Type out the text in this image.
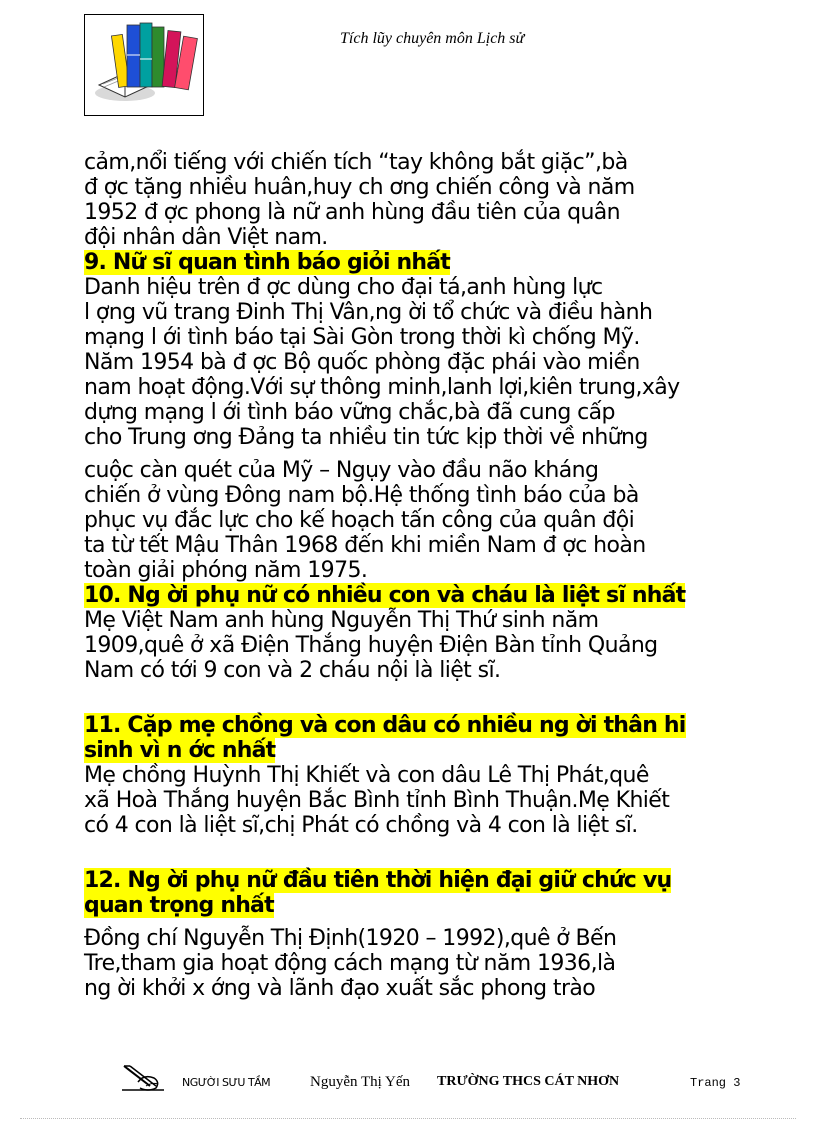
Tích lũy chuyên môn Lịch sử
cảm,nổi tiếng với chiến tích “tay không bắt giặc”,bà
đ ợc tặng nhiều huân,huy ch ơng chiến công và năm
1952 đ ợc phong là nữ anh hùng đầu tiên của quân
đội nhân dân Việt nam.
9. Nữ sĩ quan tình báo giỏi nhất
Danh hiệu trên đ ợc dùng cho đại tá,anh hùng lực
l ợng vũ trang Đinh Thị Vân,ng ời tổ chức và điều hành
mạng l ới tình báo tại Sài Gòn trong thời kì chống Mỹ.
Năm 1954 bà đ ợc Bộ quốc phòng đặc phái vào miền
nam hoạt động.Với sự thông minh,lanh lợi,kiên trung,xây
dựng mạng l ới tình báo vững chắc,bà đã cung cấp
cho Trung ơng Đảng ta nhiều tin tức kịp thời về những
cuộc càn quét của Mỹ – Ngụy vào đầu não kháng
chiến ở vùng Đông nam bộ.Hệ thống tình báo của bà
phục vụ đắc lực cho kế hoạch tấn công của quân đội
ta từ tết Mậu Thân 1968 đến khi miền Nam đ ợc hoàn
toàn giải phóng năm 1975.
10. Ng ời phụ nữ có nhiều con và cháu là liệt sĩ nhất
Mẹ Việt Nam anh hùng Nguyễn Thị Thứ sinh năm
1909,quê ở xã Điện Thắng huyện Điện Bàn tỉnh Quảng
Nam có tới 9 con và 2 cháu nội là liệt sĩ.
11. Cặp mẹ chồng và con dâu có nhiều ng ời thân hi
sinh vì n ớc nhất
Mẹ chồng Huỳnh Thị Khiết và con dâu Lê Thị Phát,quê
xã Hoà Thắng huyện Bắc Bình tỉnh Bình Thuận.Mẹ Khiết
có 4 con là liệt sĩ,chị Phát có chồng và 4 con là liệt sĩ.
12. Ng ời phụ nữ đầu tiên thời hiện đại giữ chức vụ
quan trọng nhất
Đồng chí Nguyễn Thị Định(1920 – 1992),quê ở Bến
Tre,tham gia hoạt động cách mạng từ năm 1936,là
ng ời khởi x ớng và lãnh đạo xuất sắc phong trào
NGƯỜI SƯU TẦM	Nguyễn Thị Yến TRƯỜNG THCS CÁT NHƠN	Trang 3
